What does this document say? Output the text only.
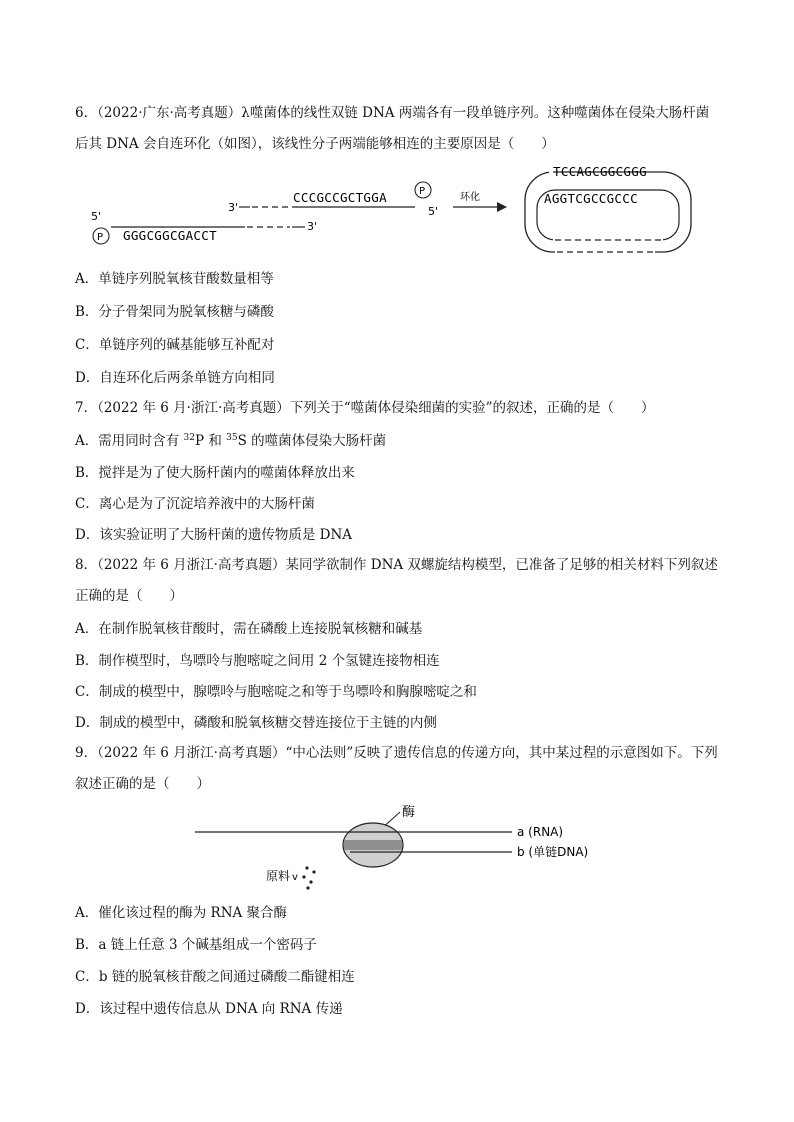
6．（2022·广东·高考真题）λ噬菌体的线性双链 DNA 两端各有一段单链序列。这种噬菌体在侵染大肠杆菌
后其 DNA 会自连环化（如图），该线性分子两端能够相连的主要原因是（　　）
3'
CCCGCCGCTGGA	P
5'
5'
P GGGCGGCGACCT
3'
环化
TCCAGCGGCGGG
AGGTCGCCGCCC
A．单链序列脱氧核苷酸数量相等
B．分子骨架同为脱氧核糖与磷酸
C．单链序列的碱基能够互补配对
D．自连环化后两条单链方向相同
7．（2022 年 6 月·浙江·高考真题）下列关于“噬菌体侵染细菌的实验”的叙述，正确的是（　　）
A．需用同时含有 $^{32}$P 和 $^{35}$S 的噬菌体侵染大肠杆菌
B．搅拌是为了使大肠杆菌内的噬菌体释放出来
C．离心是为了沉淀培养液中的大肠杆菌
D．该实验证明了大肠杆菌的遗传物质是 DNA
8．（2022 年 6 月浙江·高考真题）某同学欲制作 DNA 双螺旋结构模型，已准备了足够的相关材料下列叙述
正确的是（　　）
A．在制作脱氧核苷酸时，需在磷酸上连接脱氧核糖和碱基
B．制作模型时，鸟嘌呤与胞嘧啶之间用 2 个氢键连接物相连
C．制成的模型中，腺嘌呤与胞嘧啶之和等于鸟嘌呤和胸腺嘧啶之和
D．制成的模型中，磷酸和脱氧核糖交替连接位于主链的内侧
9．（2022 年 6 月浙江·高考真题）“中心法则”反映了遗传信息的传递方向，其中某过程的示意图如下。下列
叙述正确的是（　　）
酶
a (RNA)
b (单链DNA)
原料 v
A．催化该过程的酶为 RNA 聚合酶
B．a 链上任意 3 个碱基组成一个密码子
C．b 链的脱氧核苷酸之间通过磷酸二酯键相连
D．该过程中遗传信息从 DNA 向 RNA 传递
